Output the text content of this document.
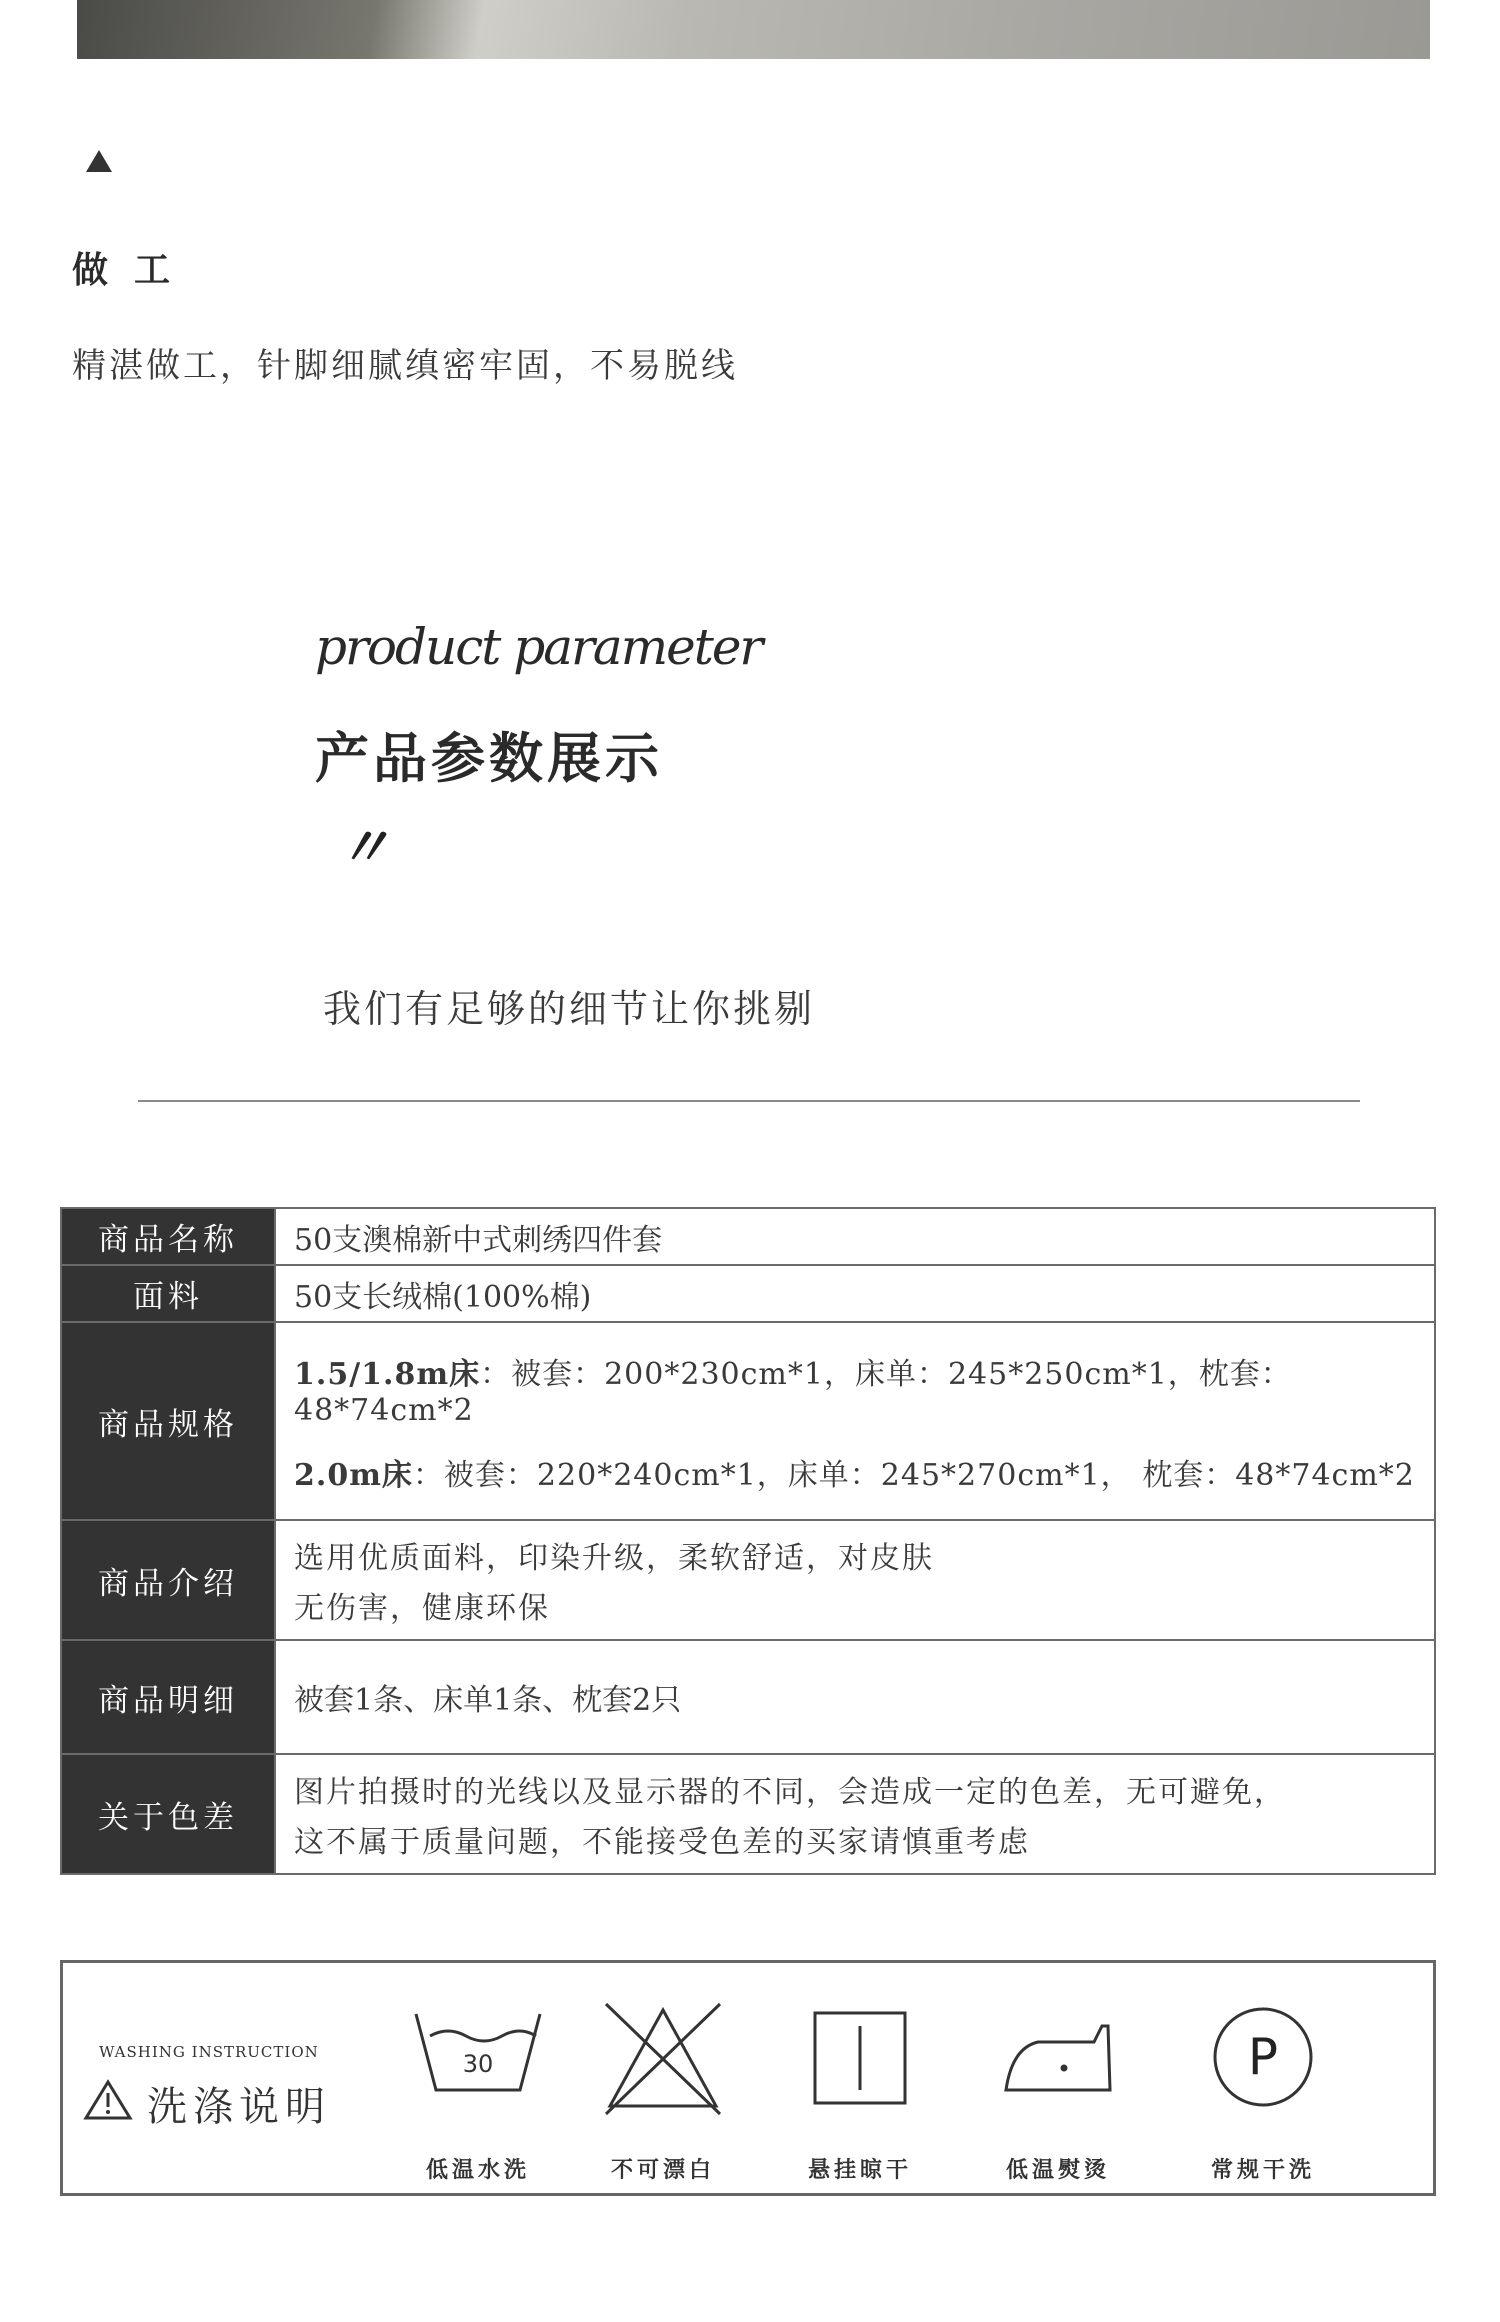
做工
精湛做工，针脚细腻缜密牢固，不易脱线
product parameter
产品参数展示
〃
我们有足够的细节让你挑剔
商品名称	50支澳棉新中式刺绣四件套
面料	50支长绒棉(100%棉)
商品规格	1.5/1.8m床：被套：200*230cm*1，床单：245*250cm*1，枕套：48*74cm*2
2.0m床：被套：220*240cm*1，床单：245*270cm*1， 枕套：48*74cm*2

商品介绍	选用优质面料，印染升级，柔软舒适，对皮肤
无伤害，健康环保

商品明细	被套1条、床单1条、枕套2只
关于色差	图片拍摄时的光线以及显示器的不同，会造成一定的色差，无可避免，
这不属于质量问题，不能接受色差的买家请慎重考虑
WASHING INSTRUCTION
洗涤说明
30
低温水洗	不可漂白	悬挂晾干	低温熨烫
P
常规干洗
